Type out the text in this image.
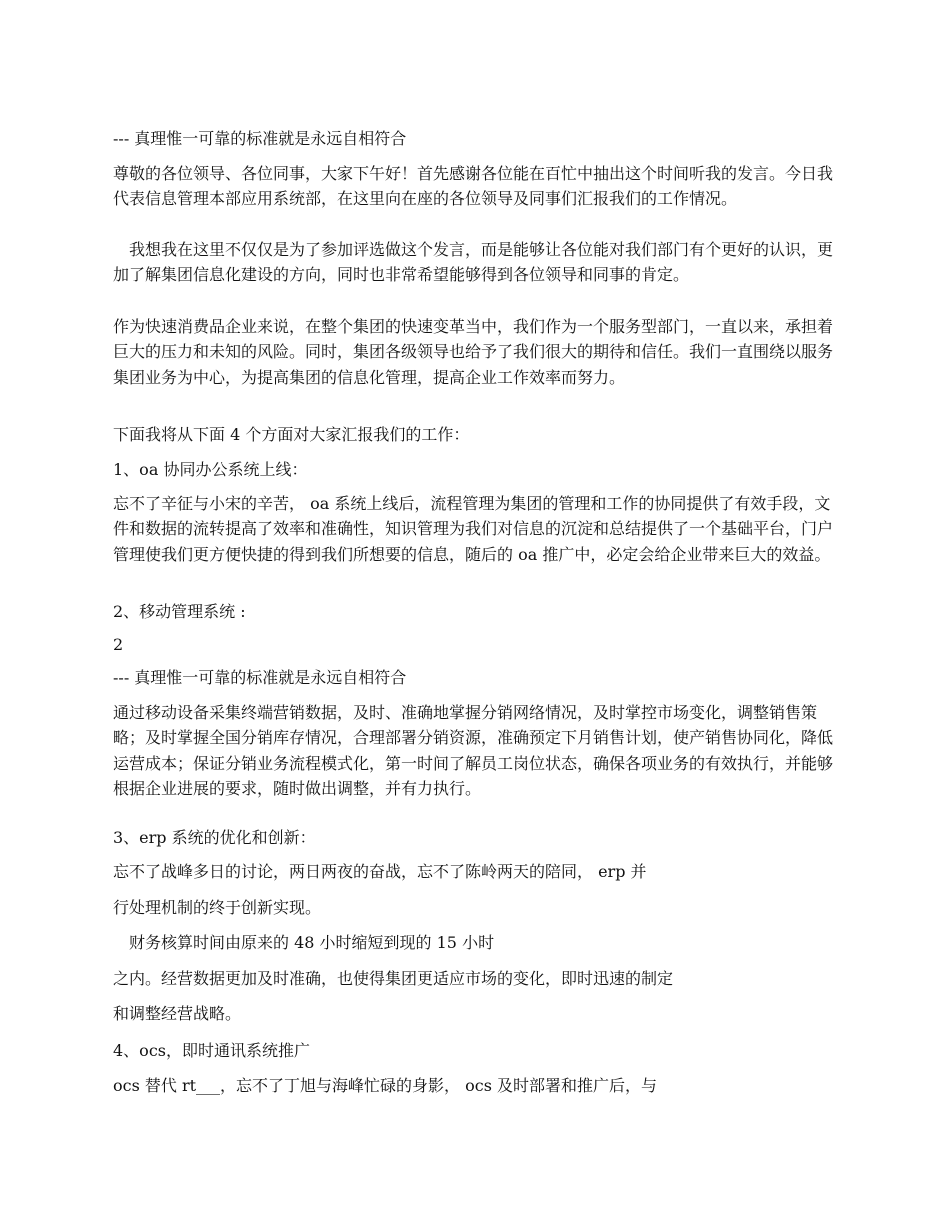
--- 真理惟一可靠的标准就是永远自相符合

尊敬的各位领导、各位同事，大家下午好！首先感谢各位能在百忙中抽出这个时间听我的发言。今日我代表信息管理本部应用系统部，在这里向在座的各位领导及同事们汇报我们的工作情况。

我想我在这里不仅仅是为了参加评选做这个发言，而是能够让各位能对我们部门有个更好的认识，更加了解集团信息化建设的方向，同时也非常希望能够得到各位领导和同事的肯定。

作为快速消费品企业来说，在整个集团的快速变革当中，我们作为一个服务型部门，一直以来，承担着巨大的压力和未知的风险。同时，集团各级领导也给予了我们很大的期待和信任。我们一直围绕以服务集团业务为中心，为提高集团的信息化管理，提高企业工作效率而努力。

下面我将从下面 4 个方面对大家汇报我们的工作：

1、oa 协同办公系统上线：

忘不了辛征与小宋的辛苦， oa 系统上线后，流程管理为集团的管理和工作的协同提供了有效手段，文件和数据的流转提高了效率和准确性，知识管理为我们对信息的沉淀和总结提供了一个基础平台，门户管理使我们更方便快捷的得到我们所想要的信息，随后的 oa 推广中，必定会给企业带来巨大的效益。

2、移动管理系统 :

2

--- 真理惟一可靠的标准就是永远自相符合

通过移动设备采集终端营销数据，及时、准确地掌握分销网络情况，及时掌控市场变化，调整销售策略；及时掌握全国分销库存情况，合理部署分销资源，准确预定下月销售计划，使产销售协同化，降低运营成本；保证分销业务流程模式化，第一时间了解员工岗位状态，确保各项业务的有效执行，并能够根据企业进展的要求，随时做出调整，并有力执行。

3、erp 系统的优化和创新：

忘不了战峰多日的讨论，两日两夜的奋战，忘不了陈岭两天的陪同， erp 并

行处理机制的终于创新实现。

财务核算时间由原来的 48 小时缩短到现的 15 小时

之内。经营数据更加及时准确，也使得集团更适应市场的变化，即时迅速的制定

和调整经营战略。

4、ocs，即时通讯系统推广

ocs 替代 rt___，忘不了丁旭与海峰忙碌的身影， ocs 及时部署和推广后，与
